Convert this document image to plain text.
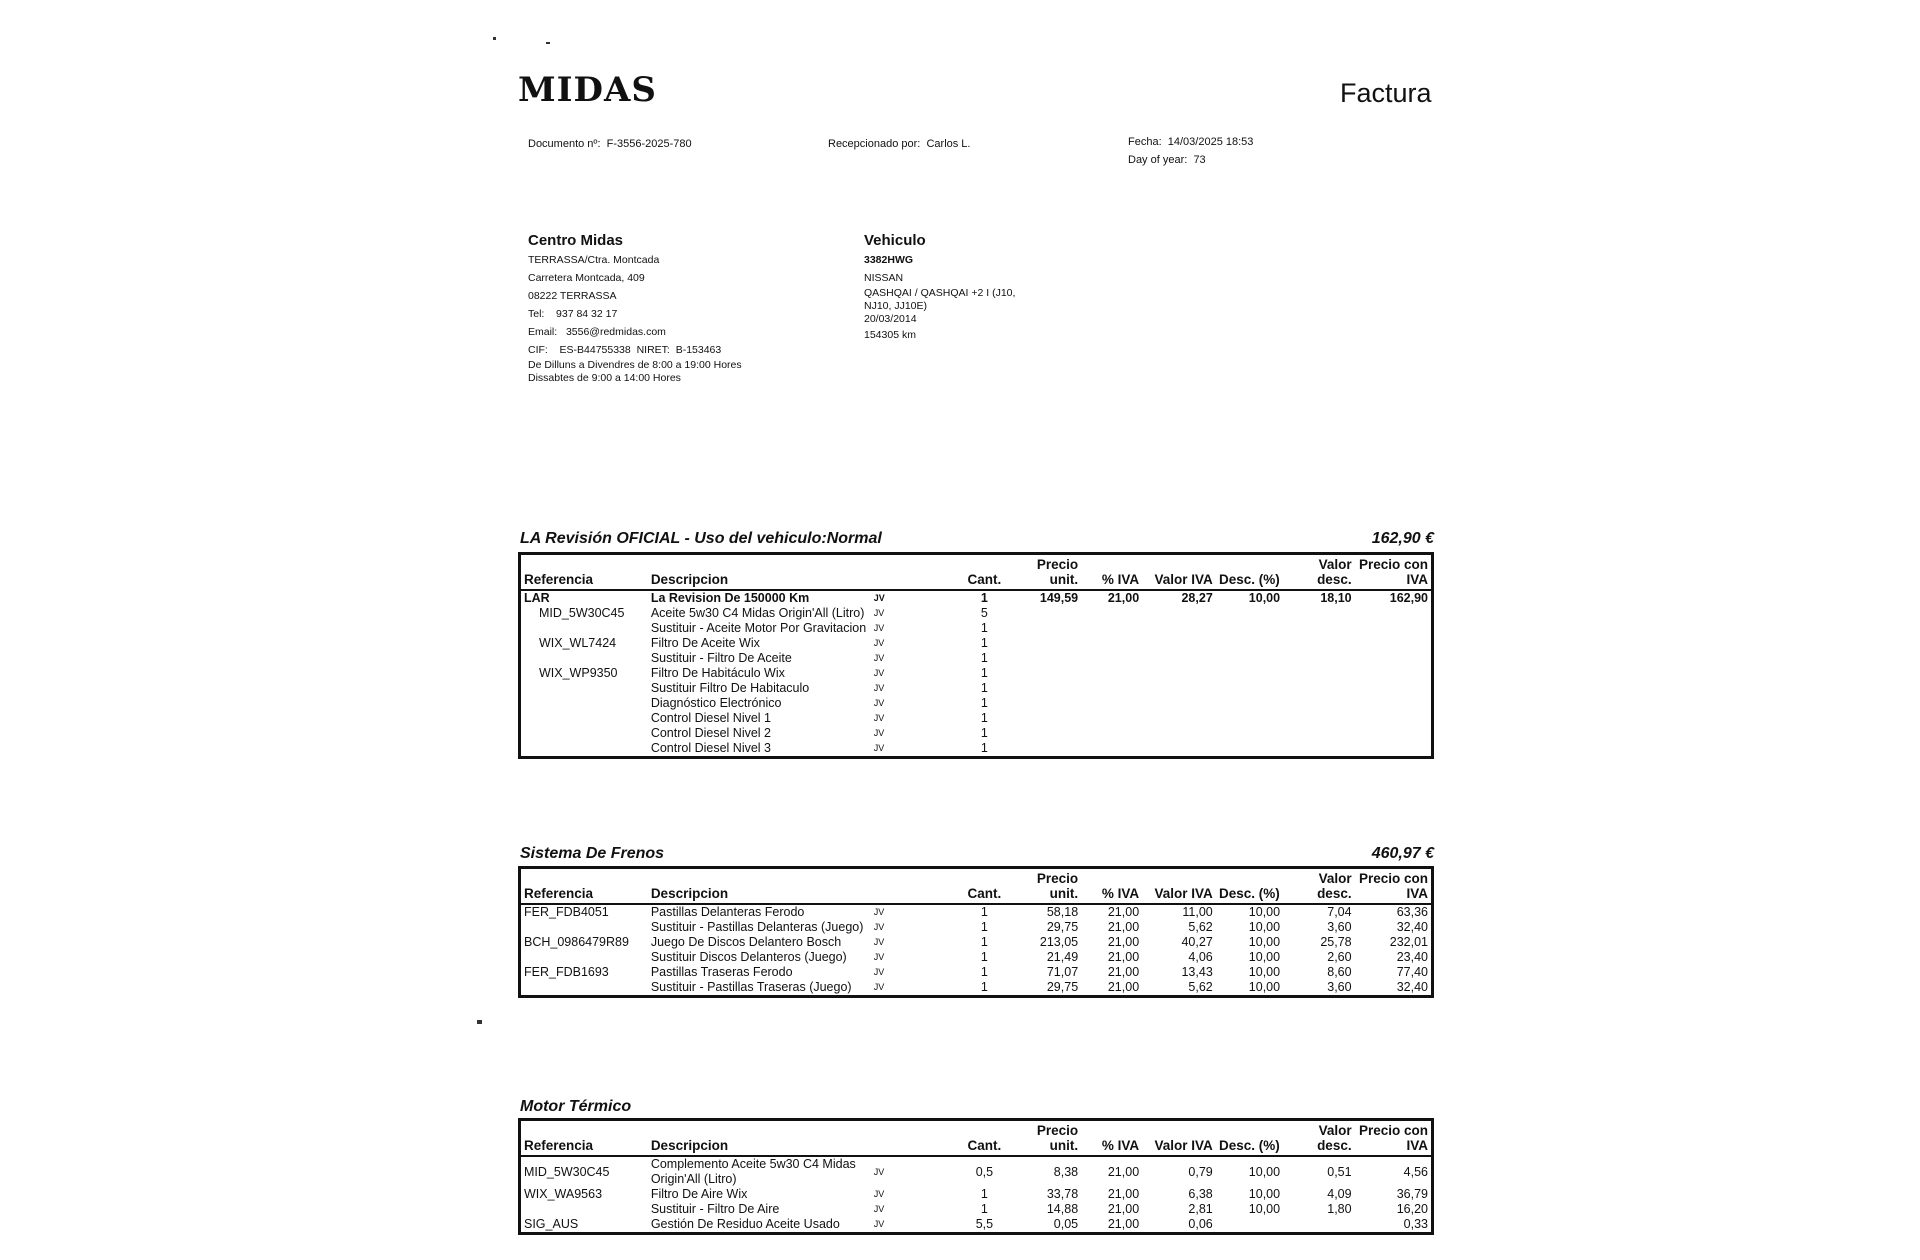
MIDAS	Factura
Documento nº: F-3556-2025-780	Recepcionado por: Carlos L.	Fecha: 14/03/2025 18:53
Day of year: 73
Centro Midas
TERRASSA/Ctra. Montcada
Carretera Montcada, 409
08222 TERRASSA
Tel: 937 84 32 17
Email: 3556@redmidas.com
CIF: ES-B44755338 NIRET: B-153463
De Dilluns a Divendres de 8:00 a 19:00 Hores
Dissabtes de 9:00 a 14:00 Hores
Vehiculo
3382HWG
NISSAN
QASHQAI / QASHQAI +2 I (J10,
NJ10, JJ10E)
20/03/2014
154305 km
LA Revisión OFICIAL - Uso del vehiculo:Normal	162,90 €
Referencia	Descripcion		Cant.	Precio unit.	% IVA	Valor IVA	Desc. (%)	Valor desc.	Precio con IVA
LAR	La Revision De 150000 Km	JV	1	149,59	21,00	28,27	10,00	18,10	162,90
MID_5W30C45	Aceite 5w30 C4 Midas Origin'All (Litro)	JV	5						
	Sustituir - Aceite Motor Por Gravitacion	JV	1						
WIX_WL7424	Filtro De Aceite Wix	JV	1						
	Sustituir - Filtro De Aceite	JV	1						
WIX_WP9350	Filtro De Habitáculo Wix	JV	1						
	Sustituir Filtro De Habitaculo	JV	1						
	Diagnóstico Electrónico	JV	1						
	Control Diesel Nivel 1	JV	1						
	Control Diesel Nivel 2	JV	1						
	Control Diesel Nivel 3	JV	1						
Sistema De Frenos	460,97 €
Referencia	Descripcion		Cant.	Precio unit.	% IVA	Valor IVA	Desc. (%)	Valor desc.	Precio con IVA
FER_FDB4051	Pastillas Delanteras Ferodo	JV	1	58,18	21,00	11,00	10,00	7,04	63,36
	Sustituir - Pastillas Delanteras (Juego)	JV	1	29,75	21,00	5,62	10,00	3,60	32,40
BCH_0986479R89	Juego De Discos Delantero Bosch	JV	1	213,05	21,00	40,27	10,00	25,78	232,01
	Sustituir Discos Delanteros (Juego)	JV	1	21,49	21,00	4,06	10,00	2,60	23,40
FER_FDB1693	Pastillas Traseras Ferodo	JV	1	71,07	21,00	13,43	10,00	8,60	77,40
	Sustituir - Pastillas Traseras (Juego)	JV	1	29,75	21,00	5,62	10,00	3,60	32,40
Motor Térmico
Referencia	Descripcion		Cant.	Precio unit.	% IVA	Valor IVA	Desc. (%)	Valor desc.	Precio con IVA
MID_5W30C45	Complemento Aceite 5w30 C4 Midas Origin'All (Litro)	JV	0,5	8,38	21,00	0,79	10,00	0,51	4,56
WIX_WA9563	Filtro De Aire Wix	JV	1	33,78	21,00	6,38	10,00	4,09	36,79
	Sustituir - Filtro De Aire	JV	1	14,88	21,00	2,81	10,00	1,80	16,20
SIG_AUS	Gestión De Residuo Aceite Usado	JV	5,5	0,05	21,00	0,06			0,33
